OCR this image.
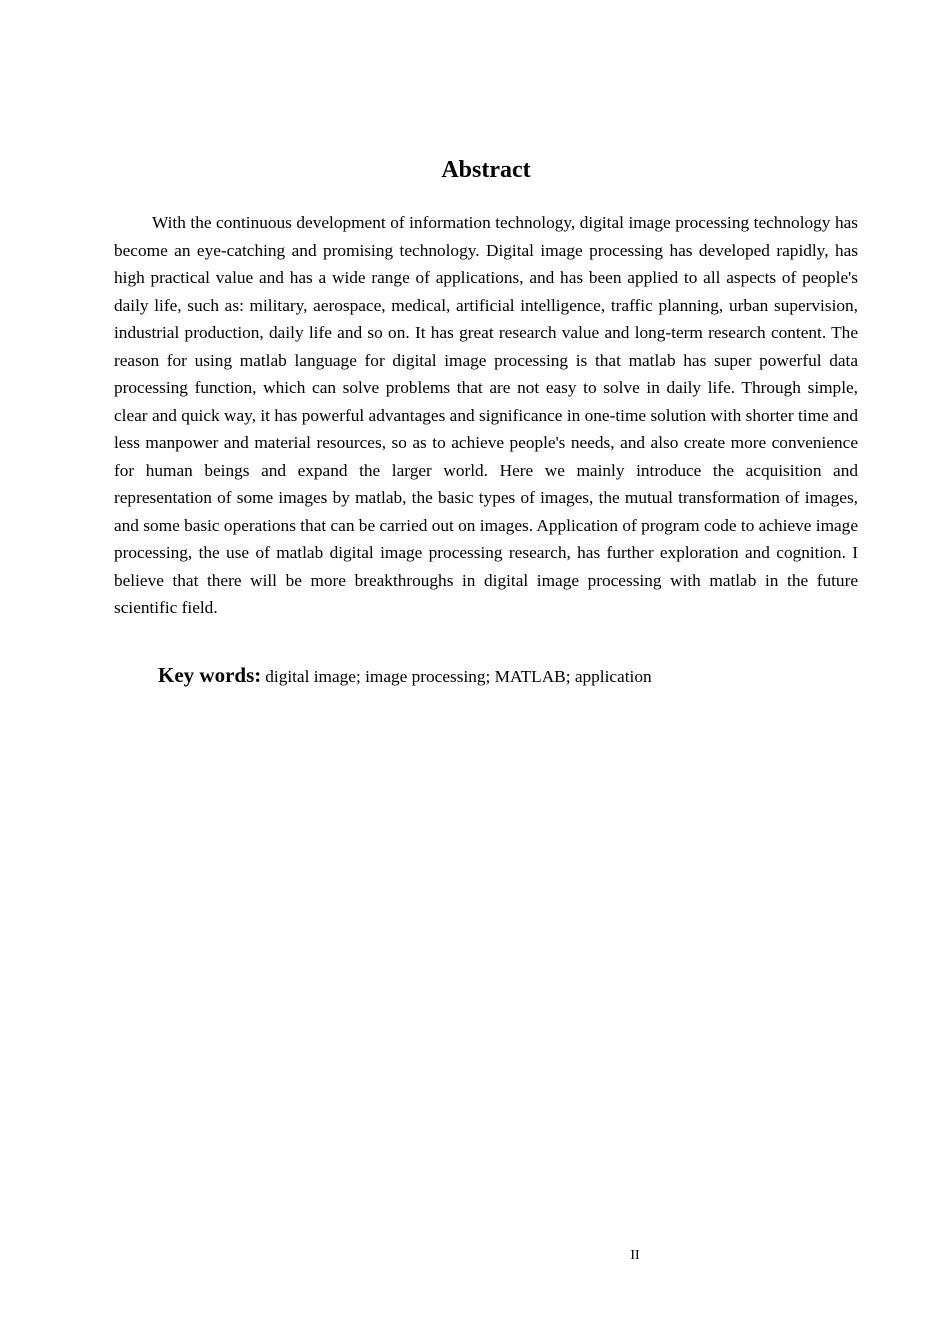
Abstract

With the continuous development of information technology, digital image processing technology has become an eye-catching and promising technology. Digital image processing has developed rapidly, has high practical value and has a wide range of applications, and has been applied to all aspects of people's daily life, such as: military, aerospace, medical, artificial intelligence, traffic planning, urban supervision, industrial production, daily life and so on. It has great research value and long-term research content. The reason for using matlab language for digital image processing is that matlab has super powerful data processing function, which can solve problems that are not easy to solve in daily life. Through simple, clear and quick way, it has powerful advantages and significance in one-time solution with shorter time and less manpower and material resources, so as to achieve people's needs, and also create more convenience for human beings and expand the larger world. Here we mainly introduce the acquisition and representation of some images by matlab, the basic types of images, the mutual transformation of images, and some basic operations that can be carried out on images. Application of program code to achieve image processing, the use of matlab digital image processing research, has further exploration and cognition. I believe that there will be more breakthroughs in digital image processing with matlab in the future scientific field.

Key words: digital image; image processing; MATLAB; application

II
